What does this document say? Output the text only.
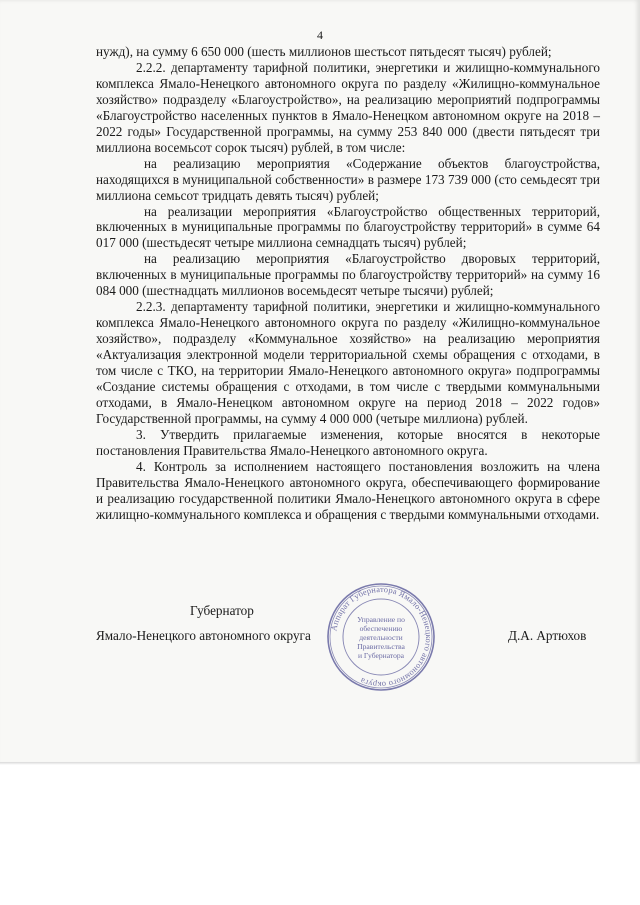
4

нужд), на сумму 6 650 000 (шесть миллионов шестьсот пятьдесят тысяч) рублей;

2.2.2. департаменту тарифной политики, энергетики и жилищно-коммунального комплекса Ямало-Ненецкого автономного округа по разделу «Жилищно-коммунальное хозяйство» подразделу «Благоустройство», на реализацию мероприятий подпрограммы «Благоустройство населенных пунктов в Ямало-Ненецком автономном округе на 2018 – 2022 годы» Государственной программы, на сумму 253 840 000 (двести пятьдесят три миллиона восемьсот сорок тысяч) рублей, в том числе:

на реализацию мероприятия «Содержание объектов благоустройства, находящихся в муниципальной собственности» в размере 173 739 000 (сто семьдесят три миллиона семьсот тридцать девять тысяч) рублей;

на реализации мероприятия «Благоустройство общественных территорий, включенных в муниципальные программы по благоустройству территорий» в сумме 64 017 000 (шестьдесят четыре миллиона семнадцать тысяч) рублей;

на реализацию мероприятия «Благоустройство дворовых территорий, включенных в муниципальные программы по благоустройству территорий» на сумму 16 084 000 (шестнадцать миллионов восемьдесят четыре тысячи) рублей;

2.2.3. департаменту тарифной политики, энергетики и жилищно-коммунального комплекса Ямало-Ненецкого автономного округа по разделу «Жилищно-коммунальное хозяйство», подразделу «Коммунальное хозяйство» на реализацию мероприятия «Актуализация электронной модели территориальной схемы обращения с отходами, в том числе с ТКО, на территории Ямало-Ненецкого автономного округа» подпрограммы «Создание системы обращения с отходами, в том числе с твердыми коммунальными отходами, в Ямало-Ненецком автономном округе на период 2018 – 2022 годов» Государственной программы, на сумму 4 000 000 (четыре миллиона) рублей.

3. Утвердить прилагаемые изменения, которые вносятся в некоторые постановления Правительства Ямало-Ненецкого автономного округа.

4. Контроль за исполнением настоящего постановления возложить на члена Правительства Ямало-Ненецкого автономного округа, обеспечивающего формирование и реализацию государственной политики Ямало-Ненецкого автономного округа в сфере жилищно-коммунального комплекса и обращения с твердыми коммунальными отходами.

Губернатор
Ямало-Ненецкого автономного округа	Д.А. Артюхов
Аппарат Губернатора Ямало-Ненецкого автономного округа
Управление по
обеспечению
деятельности
Правительства
и Губернатора
